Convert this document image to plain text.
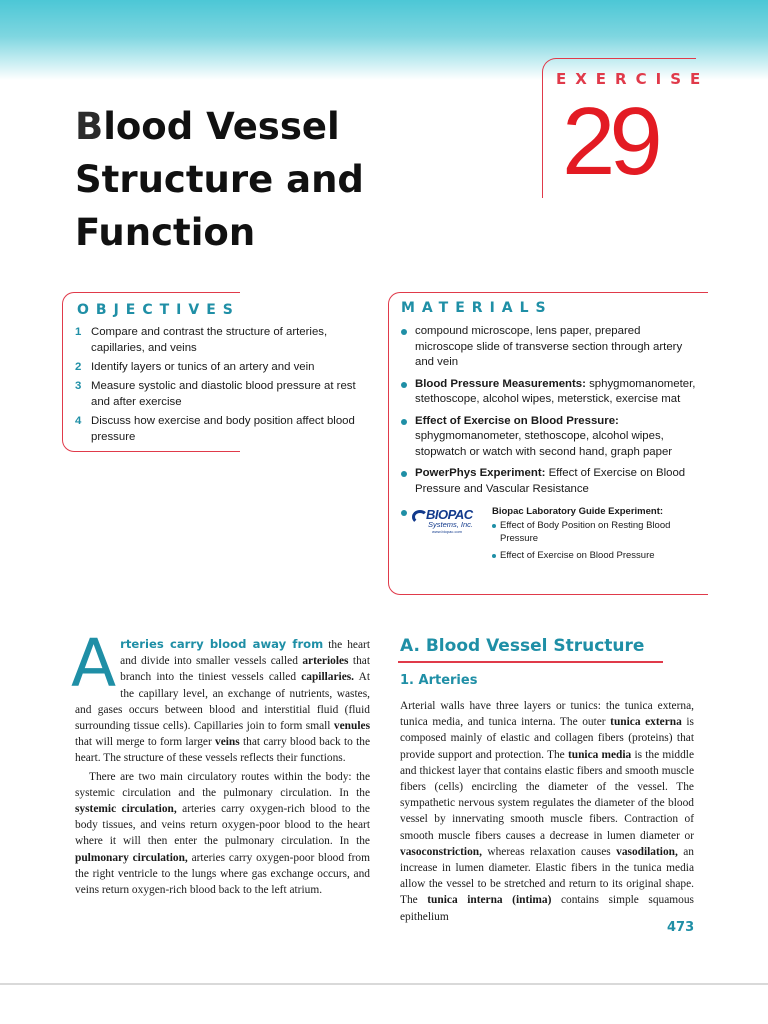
EXERCISE
29
Blood Vessel
Structure and
Function
OBJECTIVES
1 Compare and contrast the structure of arteries, capillaries, and veins
2 Identify layers or tunics of an artery and vein
3 Measure systolic and diastolic blood pressure at rest and after exercise
4 Discuss how exercise and body position affect blood pressure
MATERIALS
compound microscope, lens paper, prepared microscope slide of transverse section through artery and vein
Blood Pressure Measurements: sphygmomanometer, stethoscope, alcohol wipes, meterstick, exercise mat
Effect of Exercise on Blood Pressure: sphygmomanometer, stethoscope, alcohol wipes, stopwatch or watch with second hand, graph paper
PowerPhys Experiment: Effect of Exercise on Blood Pressure and Vascular Resistance
BIOPAC
Systems, Inc.
www.biopac.com
Biopac Laboratory Guide Experiment:
Effect of Body Position on Resting Blood Pressure
Effect of Exercise on Blood Pressure

Arteries carry blood away from the heart and divide into smaller vessels called arterioles that branch into the tiniest vessels called capillaries. At the capillary level, an exchange of nutrients, wastes, and gases occurs between blood and interstitial fluid (fluid surrounding tissue cells). Capillaries join to form small venules that will merge to form larger veins that carry blood back to the heart. The structure of these vessels reflects their functions.

There are two main circulatory routes within the body: the systemic circulation and the pulmonary circulation. In the systemic circulation, arteries carry oxygen-rich blood to the body tissues, and veins return oxygen-poor blood to the heart where it will then enter the pulmonary circulation. In the pulmonary circulation, arteries carry oxygen-poor blood from the right ventricle to the lungs where gas exchange occurs, and veins return oxygen-rich blood back to the left atrium.

A. Blood Vessel Structure
1. Arteries

Arterial walls have three layers or tunics: the tunica externa, tunica media, and tunica interna. The outer tunica externa is composed mainly of elastic and collagen fibers (proteins) that provide support and protection. The tunica media is the middle and thickest layer that contains elastic fibers and smooth muscle fibers (cells) encircling the diameter of the vessel. The sympathetic nervous system regulates the diameter of the blood vessel by innervating smooth muscle fibers. Contraction of smooth muscle fibers causes a decrease in lumen diameter or vasoconstriction, whereas relaxation causes vasodilation, an increase in lumen diameter. Elastic fibers in the tunica media allow the vessel to be stretched and return to its original shape. The tunica interna (intima) contains simple squamous epithelium

473
